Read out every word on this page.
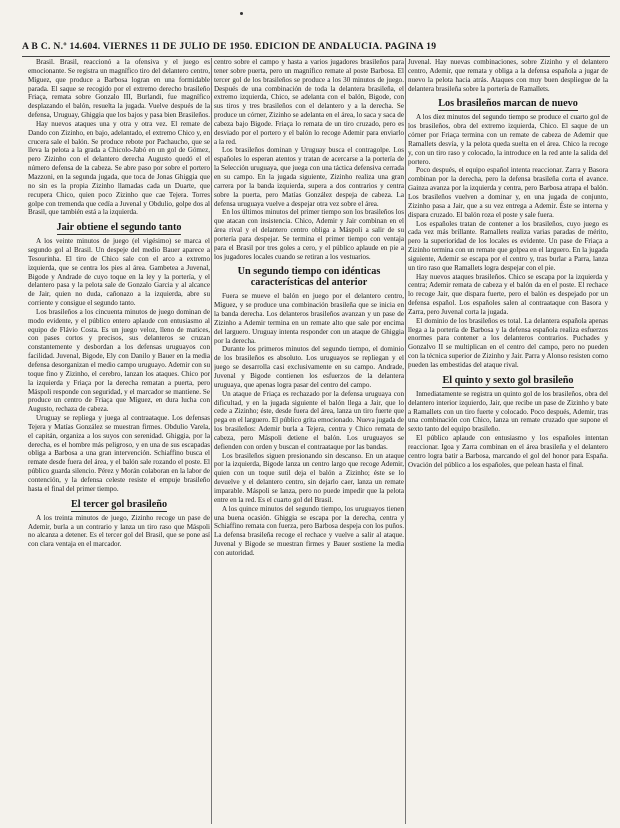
A B C. N.º 14.604. VIERNES 11 DE JULIO DE 1950. EDICION DE ANDALUCIA. PAGINA 19

Brasil. Brasil, reaccionó a la ofensiva y el juego es emocionante. Se registra un magnífico tiro del delantero centro, Míguez, que produce a Barbosa logran en una formidable parada. El saque se recogido por el extremo derecho brasileño Friaça, remata sobre Gonzalo III, Burlandi, fue magnífico desplazando el balón, resuelta la jugada. Vuelve después de la defensa, Uruguay, Ghiggia que los bajos y pasa bien Brasileños.

Hay nuevos ataques una y otra y otra vez. El remate de Dando con Zizinho, en bajo, adelantado, el extremo Chico y, en crucera sale el balón. Se produce rebote por Pachaucho, que se lleva la pelota a la grada a Chicolo-Jabó en un gol de Gómez, pero Zizinho con el delantero derecha Augusto quedó el el número defensa de la cabeza. Se abre paso por sobre el portero Mazzoni, en la segunda jugada, que toca de Jonas Ghiggia que no sin es la propia Zizinho llamadas cada un Duarte, que recupera Chico, quien poco Zizinho que cae Tejera. Torres golpe con tremenda que cedía a Juvenal y Obdulio, golpe dos al Brasil, que también está a la izquierda.

Jair obtiene el segundo tanto

A los veinte minutos de juego (el vigésimo) se marca el segundo gol al Brasil. Un despeje del medio Bauer aparece a Tesourinha. El tiro de Chico sale con el arco a extremo izquierda, que se centra los pies al área. Gambetea a Juvenal, Bigode y Andrade de cuyo toque en la ley y la portería, y el delantero pasa y la pelota sale de Gonzalo Garcia y al alcance de Jair, quien no duda, cañonazo a la izquierda, abre su corriente y consigue el segundo tanto.

Los brasileños a los cincuenta minutos de juego dominan de modo evidente, y el público entero aplaude con entusiasmo al equipo de Flávio Costa. Es un juego veloz, lleno de matices, con pases cortos y precisos, sus delanteros se cruzan constantemente y desbordan a los defensas uruguayos con facilidad. Juvenal, Bigode, Ely con Danilo y Bauer en la media defensa desorganizan el medio campo uruguayo. Ademir con su toque fino y Zizinho, el cerebro, lanzan los ataques. Chico por la izquierda y Friaça por la derecha rematan a puerta, pero Máspoli responde con seguridad, y el marcador se mantiene. Se produce un centro de Friaça que Míguez, en dura lucha con Augusto, rechaza de cabeza.

Uruguay se repliega y juega al contraataque. Los defensas Tejera y Matías González se muestran firmes. Obdulio Varela, el capitán, organiza a los suyos con serenidad. Ghiggia, por la derecha, es el hombre más peligroso, y en una de sus escapadas obliga a Barbosa a una gran intervención. Schiaffino busca el remate desde fuera del área, y el balón sale rozando el poste. El público guarda silencio. Pérez y Morán colaboran en la labor de contención, y la defensa celeste resiste el empuje brasileño hasta el final del primer tiempo.

El tercer gol brasileño

A los treinta minutos de juego, Zizinho recoge un pase de Ademir, burla a un contrario y lanza un tiro raso que Máspoli no alcanza a detener. Es el tercer gol del Brasil, que se pone así con clara ventaja en el marcador.

centro sobre el campo y hasta a varios jugadores brasileños para tener sobre puerta, pero un magnífico remate al poste Barbosa. El tercer gol de los brasileños se produce a los 30 minutos de juego. Después de una combinación de toda la delantera brasileña, el extremo izquierda, Chico, se adelanta con el balón, Bigode, con sus tiros y tres brasileños con el delantero y a la derecha. Se produce un córner, Zizinho se adelanta en el área, lo saca y saca de cabeza bajo Bigode. Friaça lo remata de un tiro cruzado, pero es desviado por el portero y el balón lo recoge Ademir para enviarlo a la red.

Los brasileños dominan y Uruguay busca el contragolpe. Los españoles lo esperan atentos y tratan de acercarse a la portería de la Selección uruguaya, que juega con una táctica defensiva cerrada en su campo. En la jugada siguiente, Zizinho realiza una gran carrera por la banda izquierda, supera a dos contrarios y centra sobre la puerta, pero Matías González despeja de cabeza. La defensa uruguaya vuelve a despejar otra vez sobre el área.

En los últimos minutos del primer tiempo son los brasileños los que atacan con insistencia. Chico, Ademir y Jair combinan en el área rival y el delantero centro obliga a Máspoli a salir de su portería para despejar. Se termina el primer tiempo con ventaja para el Brasil por tres goles a cero, y el público aplaude en pie a los jugadores locales cuando se retiran a los vestuarios.

Un segundo tiempo con idénticas características del anterior

Fuera se mueve el balón en juego por el delantero centro, Míguez, y se produce una combinación brasileña que se inicia en la banda derecha. Los delanteros brasileños avanzan y un pase de Zizinho a Ademir termina en un remate alto que sale por encima del larguero. Uruguay intenta responder con un ataque de Ghiggia por la derecha.

Durante los primeros minutos del segundo tiempo, el dominio de los brasileños es absoluto. Los uruguayos se repliegan y el juego se desarrolla casi exclusivamente en su campo. Andrade, Juvenal y Bigode contienen los esfuerzos de la delantera uruguaya, que apenas logra pasar del centro del campo.

Un ataque de Friaça es rechazado por la defensa uruguaya con dificultad, y en la jugada siguiente el balón llega a Jair, que lo cede a Zizinho; éste, desde fuera del área, lanza un tiro fuerte que pega en el larguero. El público grita emocionado. Nueva jugada de los brasileños: Ademir burla a Tejera, centra y Chico remata de cabeza, pero Máspoli detiene el balón. Los uruguayos se defienden con orden y buscan el contraataque por las bandas.

Los brasileños siguen presionando sin descanso. En un ataque por la izquierda, Bigode lanza un centro largo que recoge Ademir, quien con un toque sutil deja el balón a Zizinho; éste se lo devuelve y el delantero centro, sin dejarlo caer, lanza un remate imparable. Máspoli se lanza, pero no puede impedir que la pelota entre en la red. Es el cuarto gol del Brasil.

A los quince minutos del segundo tiempo, los uruguayos tienen una buena ocasión. Ghiggia se escapa por la derecha, centra y Schiaffino remata con fuerza, pero Barbosa despeja con los puños. La defensa brasileña recoge el rechace y vuelve a salir al ataque. Juvenal y Bigode se muestran firmes y Bauer sostiene la media con autoridad.

Juvenal. Hay nuevas combinaciones, sobre Zizinho y el delantero centro, Ademir, que remata y obliga a la defensa española a jugar de nuevo la pelota hacia atrás. Ataques con muy buen despliegue de la delantera brasileña sobre la portería de Ramallets.

Los brasileños marcan de nuevo

A los diez minutos del segundo tiempo se produce el cuarto gol de los brasileños, obra del extremo izquierda, Chico. El saque de un córner por Friaça termina con un remate de cabeza de Ademir que Ramallets desvía, y la pelota queda suelta en el área. Chico la recoge y, con un tiro raso y colocado, la introduce en la red ante la salida del portero.

Poco después, el equipo español intenta reaccionar. Zarra y Basora combinan por la derecha, pero la defensa brasileña corta el avance. Gainza avanza por la izquierda y centra, pero Barbosa atrapa el balón. Los brasileños vuelven a dominar y, en una jugada de conjunto, Zizinho pasa a Jair, que a su vez entrega a Ademir. Éste se interna y dispara cruzado. El balón roza el poste y sale fuera.

Los españoles tratan de contener a los brasileños, cuyo juego es cada vez más brillante. Ramallets realiza varias paradas de mérito, pero la superioridad de los locales es evidente. Un pase de Friaça a Zizinho termina con un remate que golpea en el larguero. En la jugada siguiente, Ademir se escapa por el centro y, tras burlar a Parra, lanza un tiro raso que Ramallets logra despejar con el pie.

Hay nuevos ataques brasileños. Chico se escapa por la izquierda y centra; Ademir remata de cabeza y el balón da en el poste. El rechace lo recoge Jair, que dispara fuerte, pero el balón es despejado por un defensa español. Los españoles salen al contraataque con Basora y Zarra, pero Juvenal corta la jugada.

El dominio de los brasileños es total. La delantera española apenas llega a la portería de Barbosa y la defensa española realiza esfuerzos enormes para contener a los delanteros contrarios. Puchades y Gonzalvo II se multiplican en el centro del campo, pero no pueden con la técnica superior de Zizinho y Jair. Parra y Alonso resisten como pueden las embestidas del ataque rival.

El quinto y sexto gol brasileño

Inmediatamente se registra un quinto gol de los brasileños, obra del delantero interior izquierdo, Jair, que recibe un pase de Zizinho y bate a Ramallets con un tiro fuerte y colocado. Poco después, Ademir, tras una combinación con Chico, lanza un remate cruzado que supone el sexto tanto del equipo brasileño.

El público aplaude con entusiasmo y los españoles intentan reaccionar. Igoa y Zarra combinan en el área brasileña y el delantero centro logra batir a Barbosa, marcando el gol del honor para España. Ovación del público a los españoles, que pelean hasta el final.
